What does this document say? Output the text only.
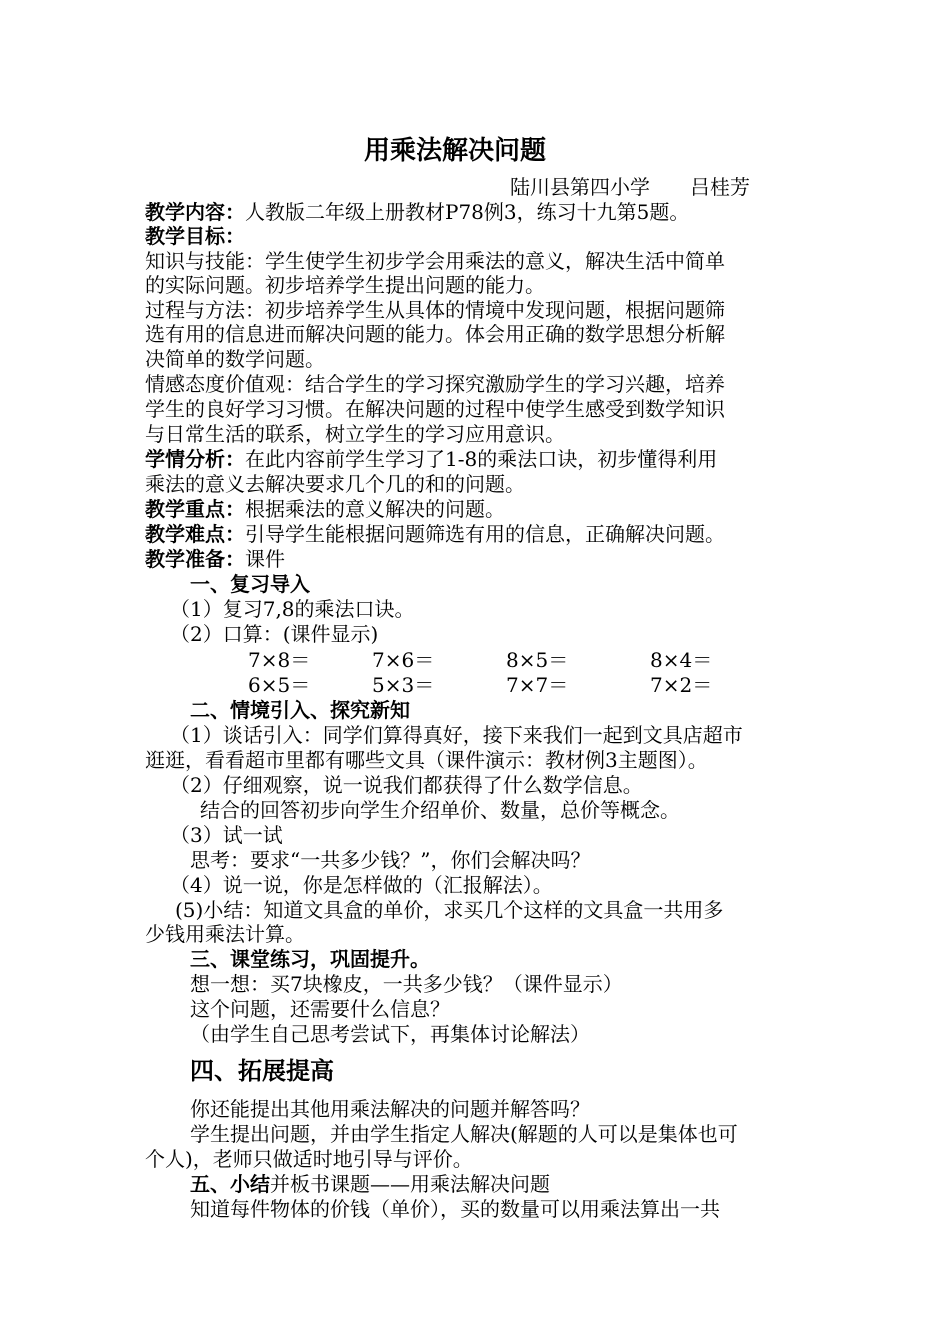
用乘法解决问题
陆川县第四小学　　吕桂芳
教学内容：人教版二年级上册教材P78例3，练习十九第5题。
教学目标：
知识与技能：学生使学生初步学会用乘法的意义，解决生活中简单
的实际问题。初步培养学生提出问题的能力。
过程与方法：初步培养学生从具体的情境中发现问题，根据问题筛
选有用的信息进而解决问题的能力。体会用正确的数学思想分析解
决简单的数学问题。
情感态度价值观：结合学生的学习探究激励学生的学习兴趣，培养
学生的良好学习习惯。在解决问题的过程中使学生感受到数学知识
与日常生活的联系，树立学生的学习应用意识。
学情分析：在此内容前学生学习了1-8的乘法口诀，初步懂得利用
乘法的意义去解决要求几个几的和的问题。
教学重点：根据乘法的意义解决的问题。
教学难点：引导学生能根据问题筛选有用的信息，正确解决问题。
教学准备：课件
一、复习导入
（1）复习7,8的乘法口诀。
（2）口算：(课件显示)
7×8＝	7×6＝	8×5＝	8×4＝
6×5＝	5×3＝	7×7＝	7×2＝
二、情境引入、探究新知
（1）谈话引入：同学们算得真好，接下来我们一起到文具店超市
逛逛，看看超市里都有哪些文具（课件演示：教材例3主题图）。
（2）仔细观察，说一说我们都获得了什么数学信息。
结合的回答初步向学生介绍单价、数量，总价等概念。
（3）试一试
思考：要求“一共多少钱？”，你们会解决吗？
（4）说一说，你是怎样做的（汇报解法）。
(5)小结：知道文具盒的单价，求买几个这样的文具盒一共用多
少钱用乘法计算。
三、课堂练习，巩固提升。
想一想：买7块橡皮，一共多少钱？（课件显示）
这个问题，还需要什么信息？
（由学生自己思考尝试下，再集体讨论解法）
四、拓展提高
你还能提出其他用乘法解决的问题并解答吗？
学生提出问题，并由学生指定人解决(解题的人可以是集体也可
个人)，老师只做适时地引导与评价。
五、小结并板书课题——用乘法解决问题
知道每件物体的价钱（单价），买的数量可以用乘法算出一共
